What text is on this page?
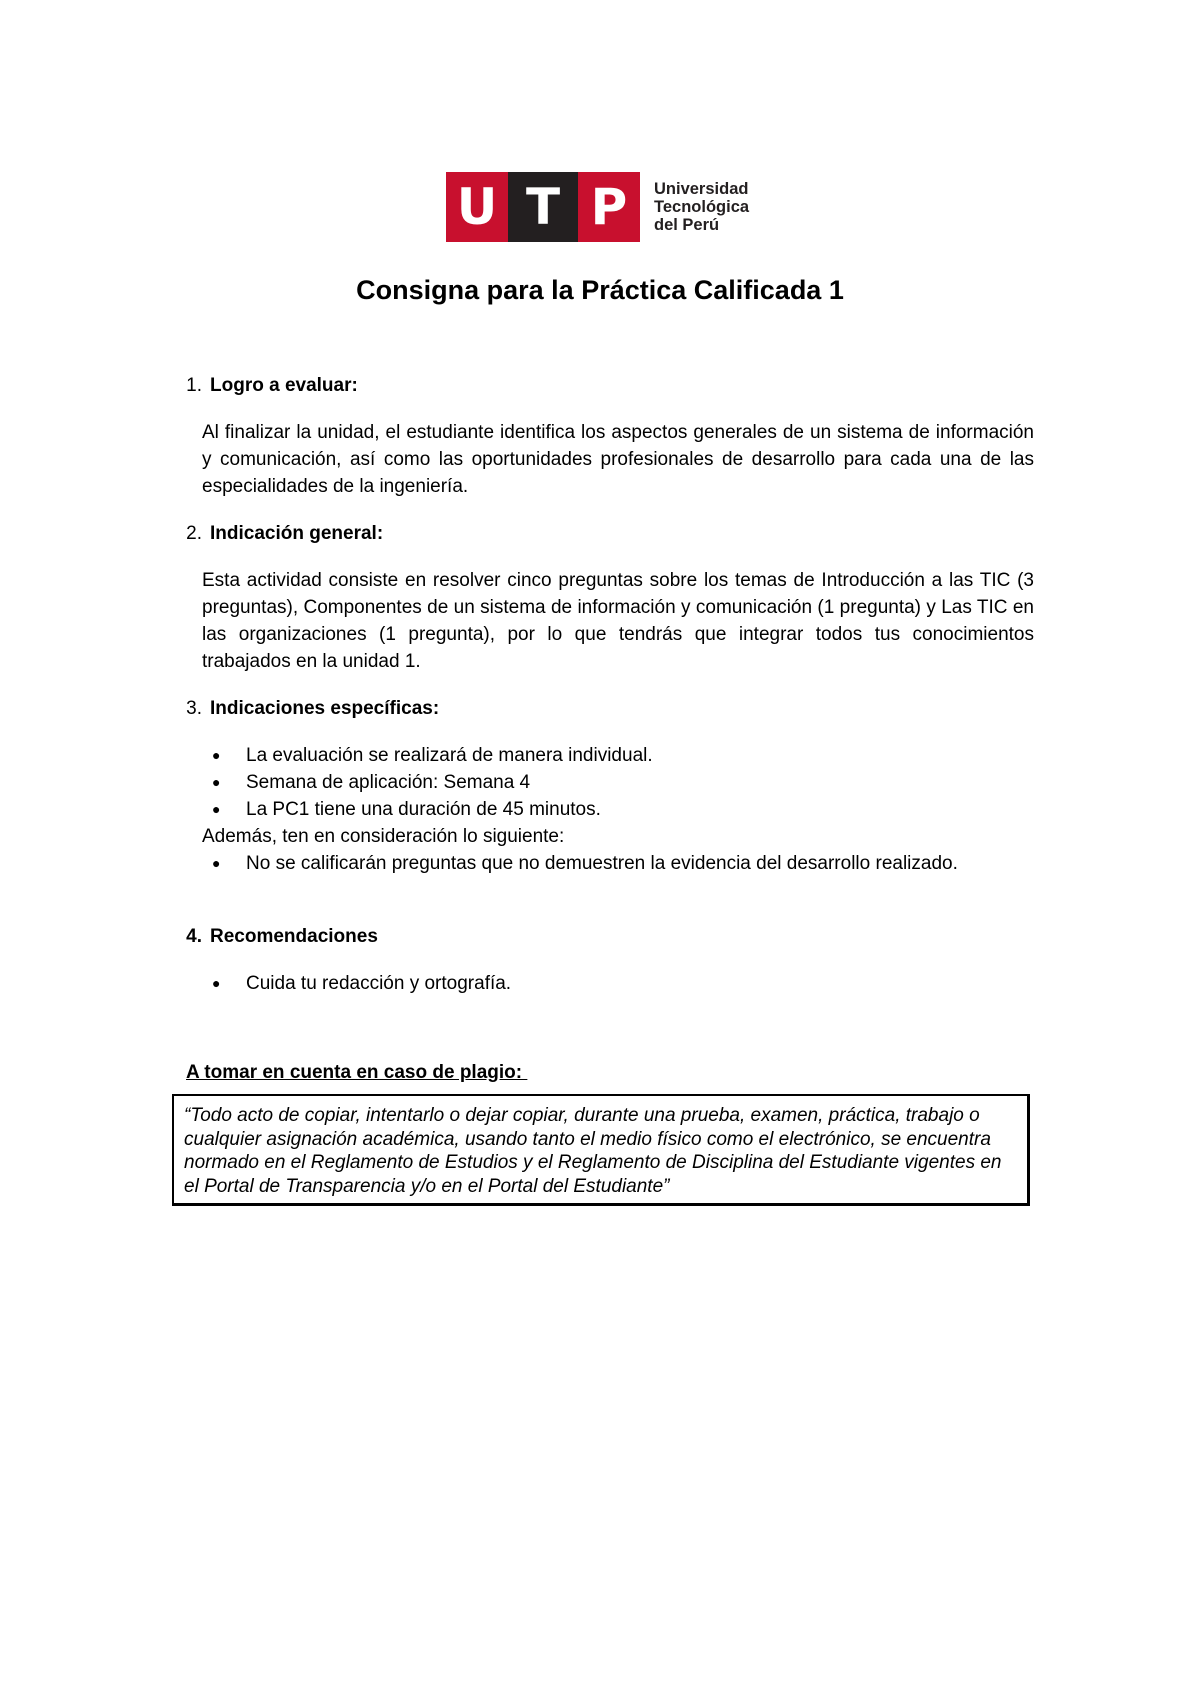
U T P	Universidad
Tecnológica
del Perú
Consigna para la Práctica Calificada 1
1. Logro a evaluar:
Al finalizar la unidad, el estudiante identifica los aspectos generales de un sistema de información y comunicación, así como las oportunidades profesionales de desarrollo para cada una de las especialidades de la ingeniería.
2. Indicación general:
Esta actividad consiste en resolver cinco preguntas sobre los temas de Introducción a las TIC (3 preguntas), Componentes de un sistema de información y comunicación (1 pregunta) y Las TIC en las organizaciones (1 pregunta), por lo que tendrás que integrar todos tus conocimientos trabajados en la unidad 1.
3. Indicaciones específicas:
● La evaluación se realizará de manera individual.
● Semana de aplicación: Semana 4
● La PC1 tiene una duración de 45 minutos.
Además, ten en consideración lo siguiente:
● No se calificarán preguntas que no demuestren la evidencia del desarrollo realizado.
4. Recomendaciones
● Cuida tu redacción y ortografía.
A tomar en cuenta en caso de plagio:
“Todo acto de copiar, intentarlo o dejar copiar, durante una prueba, examen, práctica, trabajo o cualquier asignación académica, usando tanto el medio físico como el electrónico, se encuentra normado en el Reglamento de Estudios y el Reglamento de Disciplina del Estudiante vigentes en el Portal de Transparencia y/o en el Portal del Estudiante”
